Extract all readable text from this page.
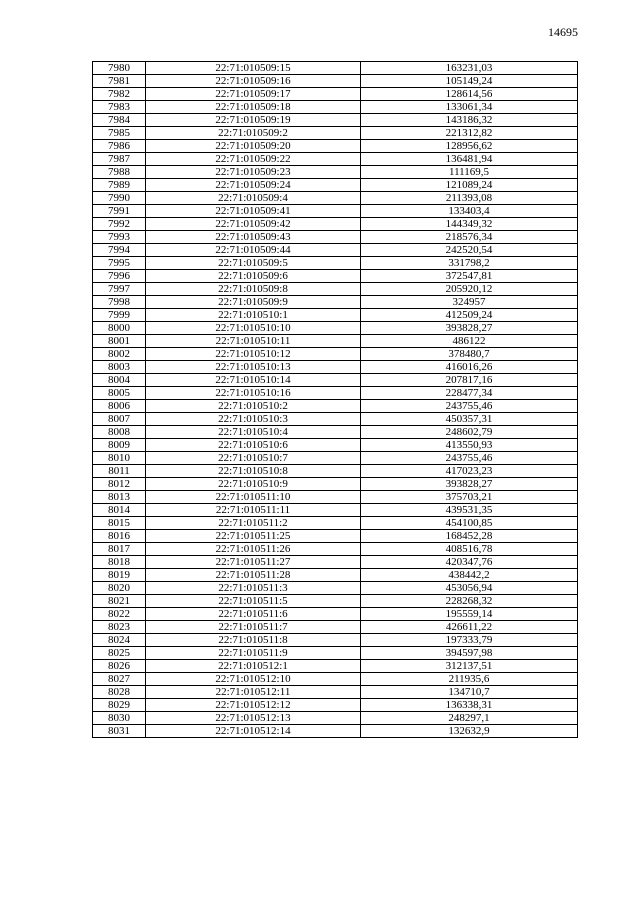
14695
7980	22:71:010509:15	163231,03
7981	22:71:010509:16	105149,24
7982	22:71:010509:17	128614,56
7983	22:71:010509:18	133061,34
7984	22:71:010509:19	143186,32
7985	22:71:010509:2	221312,82
7986	22:71:010509:20	128956,62
7987	22:71:010509:22	136481,94
7988	22:71:010509:23	111169,5
7989	22:71:010509:24	121089,24
7990	22:71:010509:4	211393,08
7991	22:71:010509:41	133403,4
7992	22:71:010509:42	144349,32
7993	22:71:010509:43	218576,34
7994	22:71:010509:44	242520,54
7995	22:71:010509:5	331798,2
7996	22:71:010509:6	372547,81
7997	22:71:010509:8	205920,12
7998	22:71:010509:9	324957
7999	22:71:010510:1	412509,24
8000	22:71:010510:10	393828,27
8001	22:71:010510:11	486122
8002	22:71:010510:12	378480,7
8003	22:71:010510:13	416016,26
8004	22:71:010510:14	207817,16
8005	22:71:010510:16	228477,34
8006	22:71:010510:2	243755,46
8007	22:71:010510:3	450357,31
8008	22:71:010510:4	248602,79
8009	22:71:010510:6	413550,93
8010	22:71:010510:7	243755,46
8011	22:71:010510:8	417023,23
8012	22:71:010510:9	393828,27
8013	22:71:010511:10	375703,21
8014	22:71:010511:11	439531,35
8015	22:71:010511:2	454100,85
8016	22:71:010511:25	168452,28
8017	22:71:010511:26	408516,78
8018	22:71:010511:27	420347,76
8019	22:71:010511:28	438442,2
8020	22:71:010511:3	453056,94
8021	22:71:010511:5	228268,32
8022	22:71:010511:6	195559,14
8023	22:71:010511:7	426611,22
8024	22:71:010511:8	197333,79
8025	22:71:010511:9	394597,98
8026	22:71:010512:1	312137,51
8027	22:71:010512:10	211935,6
8028	22:71:010512:11	134710,7
8029	22:71:010512:12	136338,31
8030	22:71:010512:13	248297,1
8031	22:71:010512:14	132632,9
